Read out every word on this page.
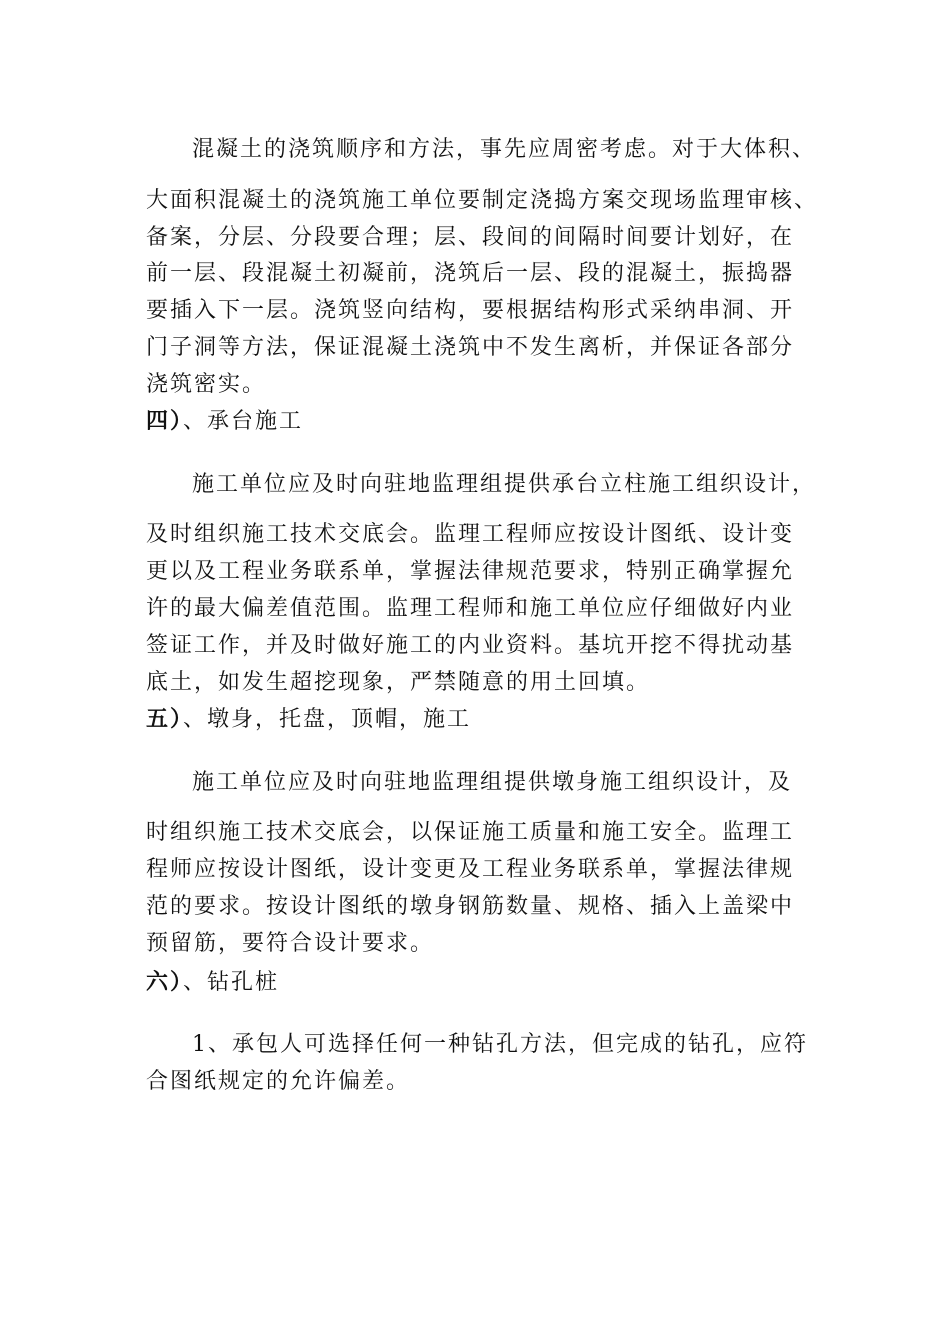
混凝土的浇筑顺序和方法，事先应周密考虑。对于大体积、
大面积混凝土的浇筑施工单位要制定浇捣方案交现场监理审核、
备案，分层、分段要合理；层、段间的间隔时间要计划好，在
前一层、段混凝土初凝前，浇筑后一层、段的混凝土，振捣器
要插入下一层。浇筑竖向结构，要根据结构形式采纳串洞、开
门子洞等方法，保证混凝土浇筑中不发生离析，并保证各部分
浇筑密实。
四）、承台施工
施工单位应及时向驻地监理组提供承台立柱施工组织设计，
及时组织施工技术交底会。监理工程师应按设计图纸、设计变
更以及工程业务联系单，掌握法律规范要求，特别正确掌握允
许的最大偏差值范围。监理工程师和施工单位应仔细做好内业
签证工作，并及时做好施工的内业资料。基坑开挖不得扰动基
底土，如发生超挖现象，严禁随意的用土回填。
五）、墩身，托盘，顶帽，施工
施工单位应及时向驻地监理组提供墩身施工组织设计，及
时组织施工技术交底会，以保证施工质量和施工安全。监理工
程师应按设计图纸，设计变更及工程业务联系单，掌握法律规
范的要求。按设计图纸的墩身钢筋数量、规格、插入上盖梁中
预留筋，要符合设计要求。
六）、钻孔桩
1、承包人可选择任何一种钻孔方法，但完成的钻孔，应符
合图纸规定的允许偏差。
